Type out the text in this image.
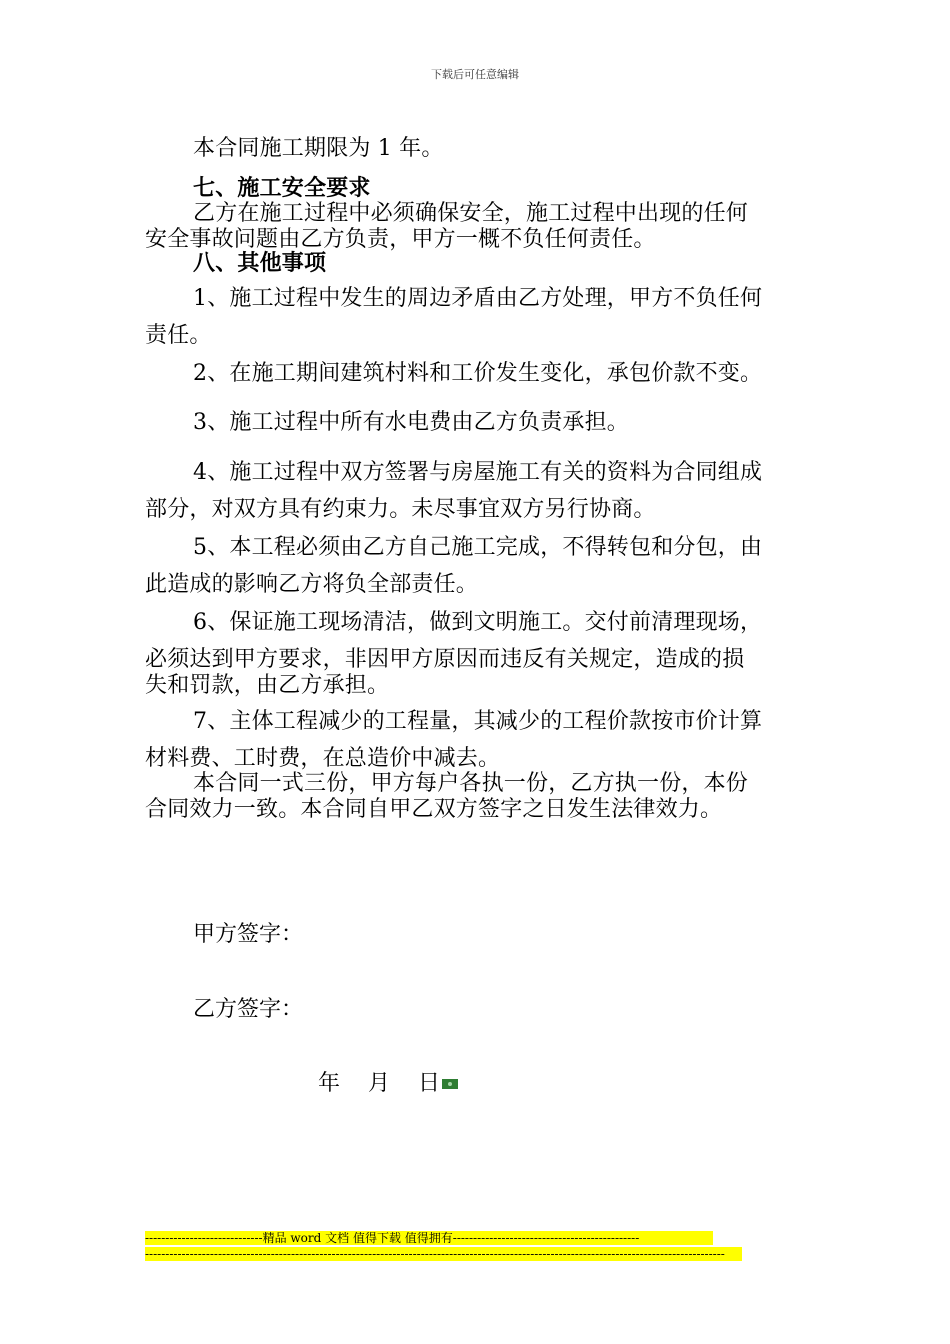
下载后可任意编辑
本合同施工期限为 1 年。
七、施工安全要求
乙方在施工过程中必须确保安全，施工过程中出现的任何
安全事故问题由乙方负责，甲方一概不负任何责任。
八、其他事项
1、施工过程中发生的周边矛盾由乙方处理，甲方不负任何
责任。
2、在施工期间建筑村料和工价发生变化，承包价款不变。
3、施工过程中所有水电费由乙方负责承担。
4、施工过程中双方签署与房屋施工有关的资料为合同组成
部分，对双方具有约束力。未尽事宜双方另行协商。
5、本工程必须由乙方自己施工完成，不得转包和分包，由
此造成的影响乙方将负全部责任。
6、保证施工现场清洁，做到文明施工。交付前清理现场，
必须达到甲方要求，非因甲方原因而违反有关规定，造成的损
失和罚款，由乙方承担。
7、主体工程减少的工程量，其减少的工程价款按市价计算
材料费、工时费，在总造价中减去。
本合同一式三份，甲方每户各执一份，乙方执一份，本份
合同效力一致。本合同自甲乙双方签字之日发生法律效力。
甲方签字：
乙方签字：
年    月    日
-----------------------------精品 word 文档 值得下载 值得拥有----------------------------------------------
-----------------------------------------------------------------------------------------------------------------------------------------------
